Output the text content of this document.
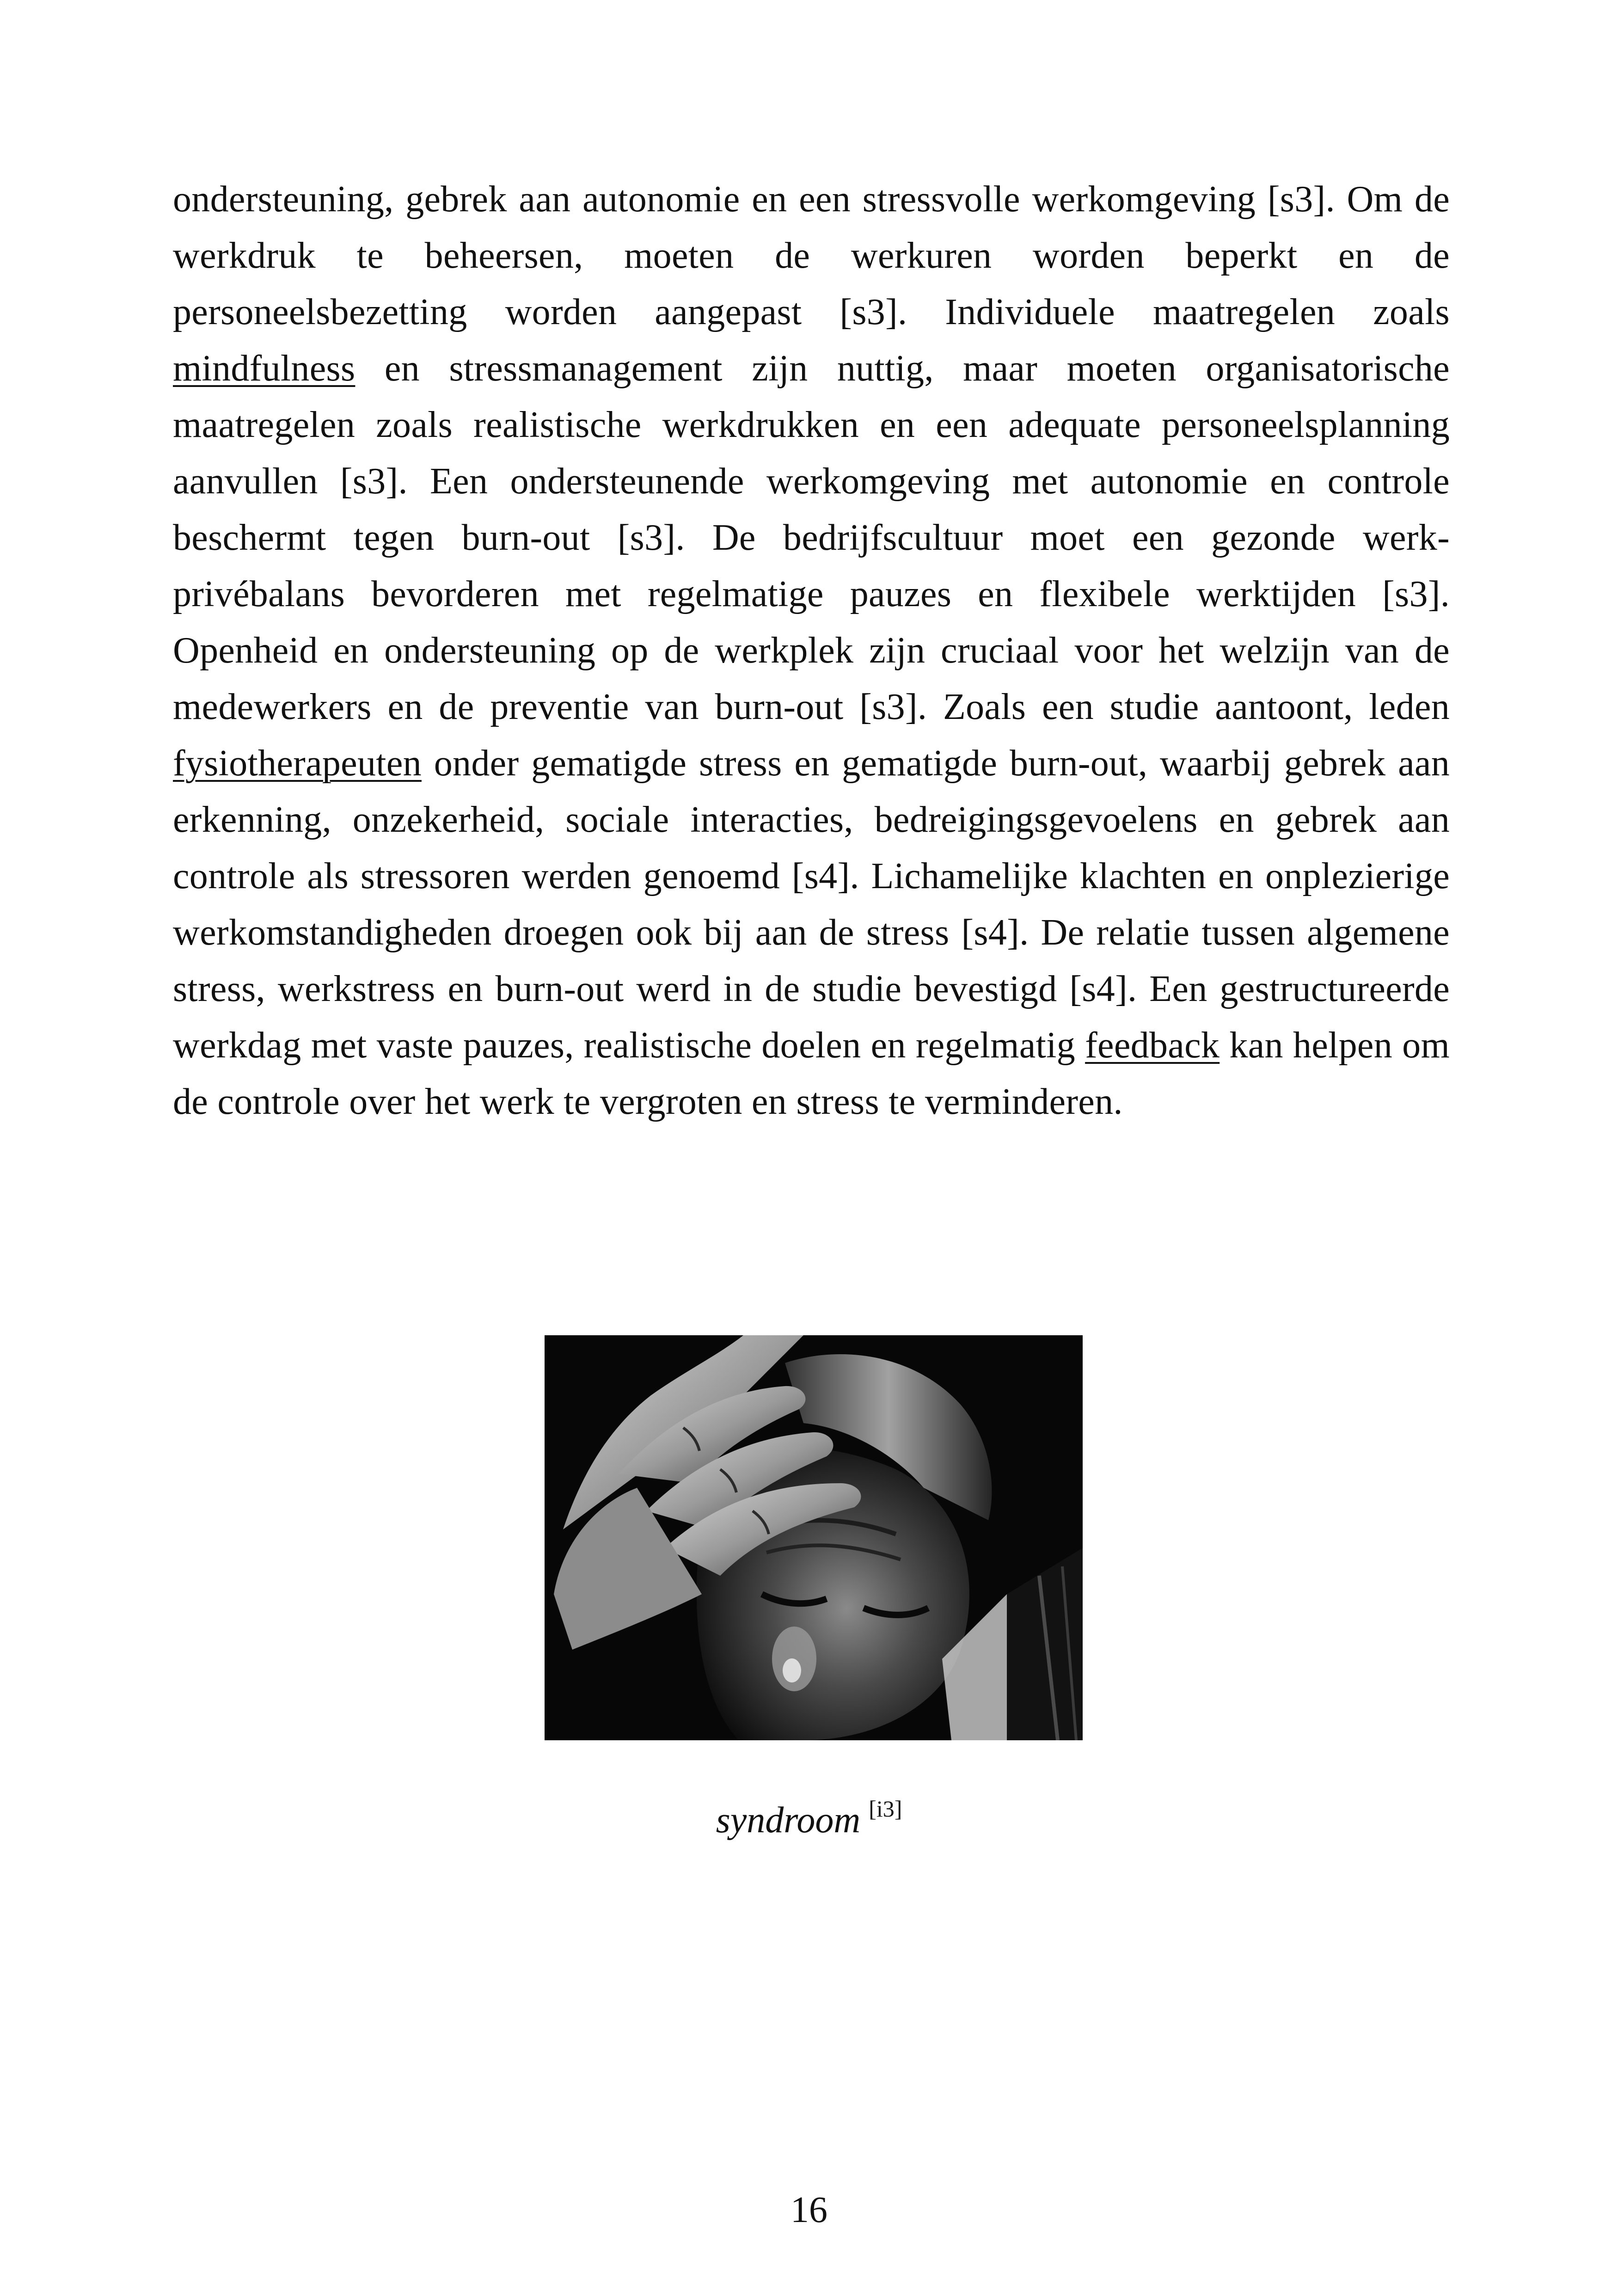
ondersteuning, gebrek aan autonomie en een stressvolle werkomgeving [s3]. Om de werkdruk te beheersen, moeten de werkuren worden beperkt en de personeelsbezetting worden aangepast [s3]. Individuele maatregelen zoals mindfulness en stressmanagement zijn nuttig, maar moeten organisatorische maatregelen zoals realistische werkdrukken en een adequate personeelsplanning aanvullen [s3]. Een ondersteunende werkomgeving met autonomie en controle beschermt tegen burn-out [s3]. De bedrijfscultuur moet een gezonde werk-privébalans bevorderen met regelmatige pauzes en flexibele werktijden [s3]. Openheid en ondersteuning op de werkplek zijn cruciaal voor het welzijn van de medewerkers en de preventie van burn-out [s3]. Zoals een studie aantoont, leden fysiotherapeuten onder gematigde stress en gematigde burn-out, waarbij gebrek aan erkenning, onzekerheid, sociale interacties, bedreigingsgevoelens en gebrek aan controle als stressoren werden genoemd [s4]. Lichamelijke klachten en onplezierige werkomstandigheden droegen ook bij aan de stress [s4]. De relatie tussen algemene stress, werkstress en burn-out werd in de studie bevestigd [s4]. Een gestructureerde werkdag met vaste pauzes, realistische doelen en regelmatig feedback kan helpen om de controle over het werk te vergroten en stress te verminderen.

syndroom [i3]
16
